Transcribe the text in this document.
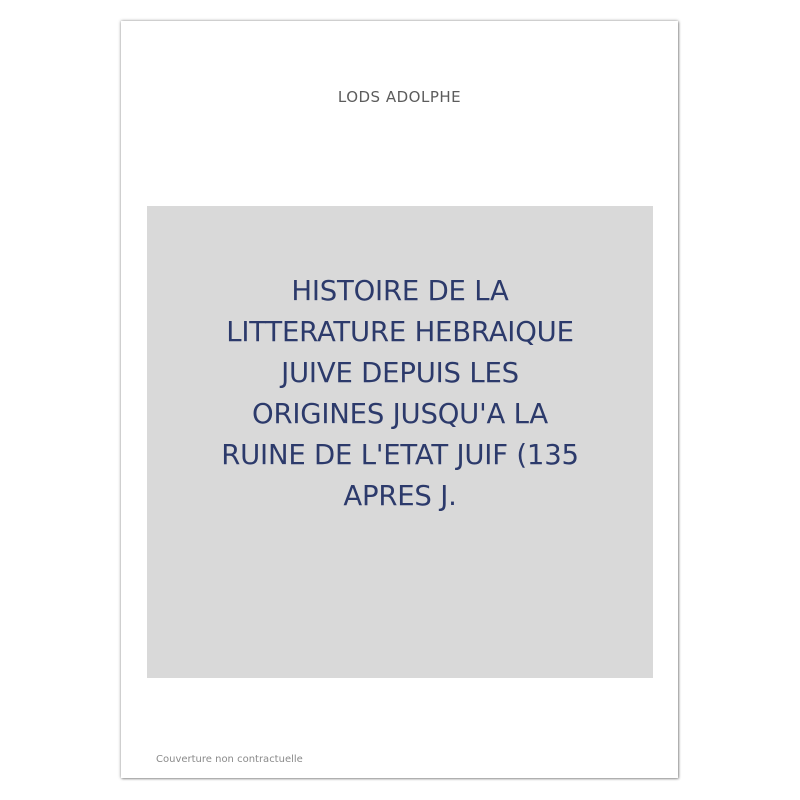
LODS ADOLPHE

HISTOIRE DE LA
LITTERATURE HEBRAIQUE
JUIVE DEPUIS LES
ORIGINES JUSQU'A LA
RUINE DE L'ETAT JUIF (135
APRES J.

Couverture non contractuelle
